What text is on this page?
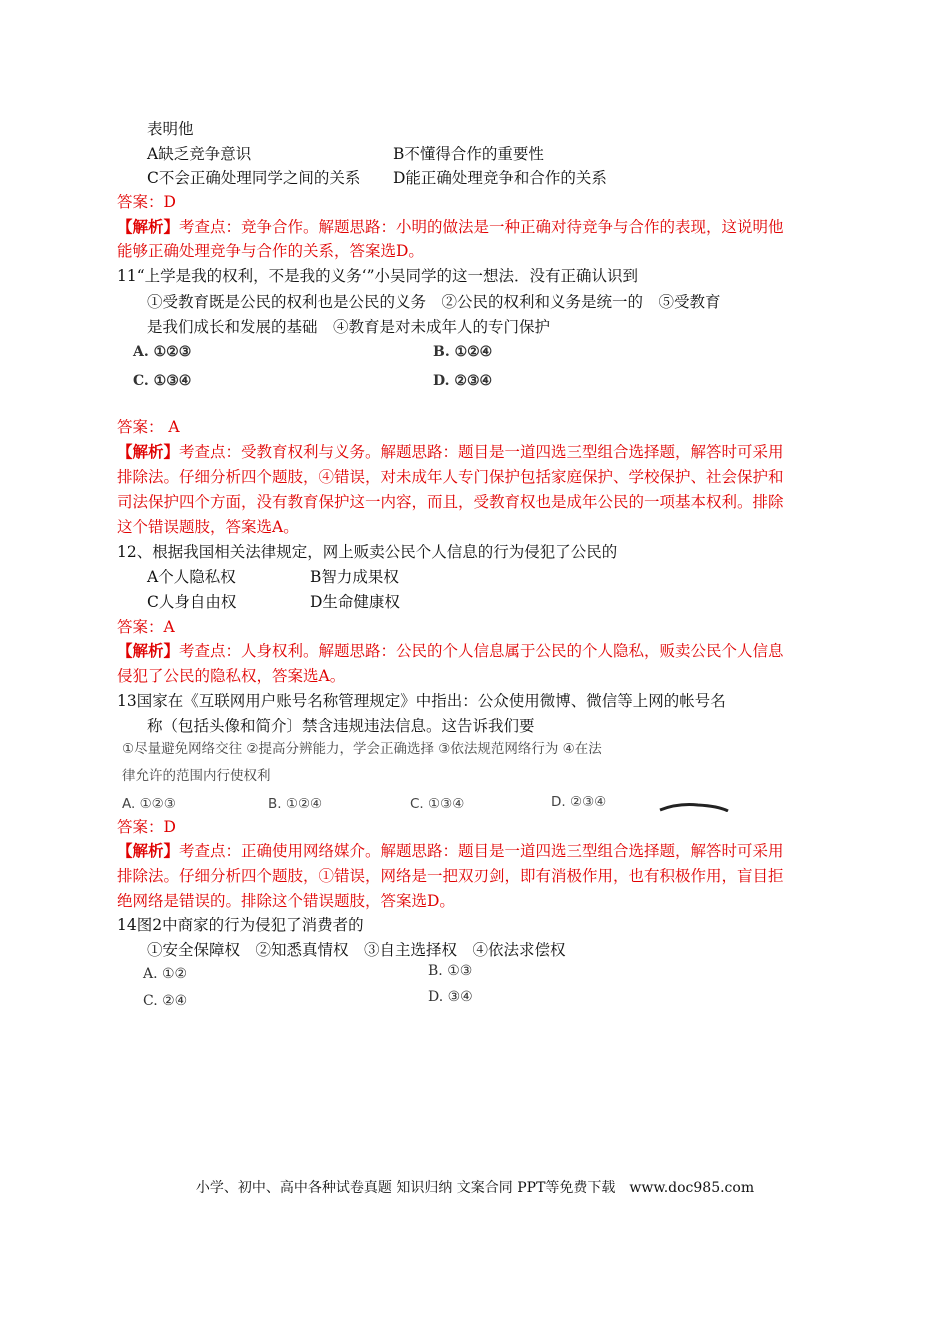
表明他
A缺乏竞争意识	B不懂得合作的重要性
C不会正确处理同学之间的关系 D能正确处理竞争和合作的关系
答案：D
【解析】考查点：竞争合作。解题思路：小明的做法是一种正确对待竞争与合作的表现，这说明他
能够正确处理竞争与合作的关系，答案选D。
11“上学是我的权利，不是我的义务‘”小吴同学的这一想法．没有正确认识到
①受教育既是公民的权利也是公民的义务　②公民的权利和义务是统一的　⑤受教育
是我们成长和发展的基础　④教育是对未成年人的专门保护
A. ①②③	B. ①②④
C. ①③④	D. ②③④
答案： A
【解析】考查点：受教育权利与义务。解题思路：题目是一道四选三型组合选择题，解答时可采用
排除法。仔细分析四个题肢，④错误，对未成年人专门保护包括家庭保护、学校保护、社会保护和
司法保护四个方面，没有教育保护这一内容，而且，受教育权也是成年公民的一项基本权利。排除
这个错误题肢，答案选A。
12、根据我国相关法律规定，网上贩卖公民个人信息的行为侵犯了公民的
A个人隐私权	B智力成果权
C人身自由权	D生命健康权
答案：A
【解析】考查点：人身权利。解题思路：公民的个人信息属于公民的个人隐私，贩卖公民个人信息
侵犯了公民的隐私权，答案选A。
13国家在《互联网用户账号名称管理规定》中指出：公众使用微博、微信等上网的帐号名
称（包括头像和简介〕禁含违规违法信息。这告诉我们要
①尽量避免网络交往 ②提高分辨能力，学会正确选择 ③依法规范网络行为 ④在法
律允许的范围内行使权利
A. ①②③	B. ①②④	C. ①③④	D. ②③④
答案：D
【解析】考查点：正确使用网络媒介。解题思路：题目是一道四选三型组合选择题，解答时可采用
排除法。仔细分析四个题肢，①错误，网络是一把双刃剑，即有消极作用，也有积极作用，盲目拒
绝网络是错误的。排除这个错误题肢，答案选D。
14图2中商家的行为侵犯了消费者的
①安全保障权　②知悉真情权　③自主选择权　④依法求偿权
A. ①②	B. ①③
C. ②④	D. ③④
小学、初中、高中各种试卷真题 知识归纳 文案合同 PPT等免费下载　www.doc985.com
